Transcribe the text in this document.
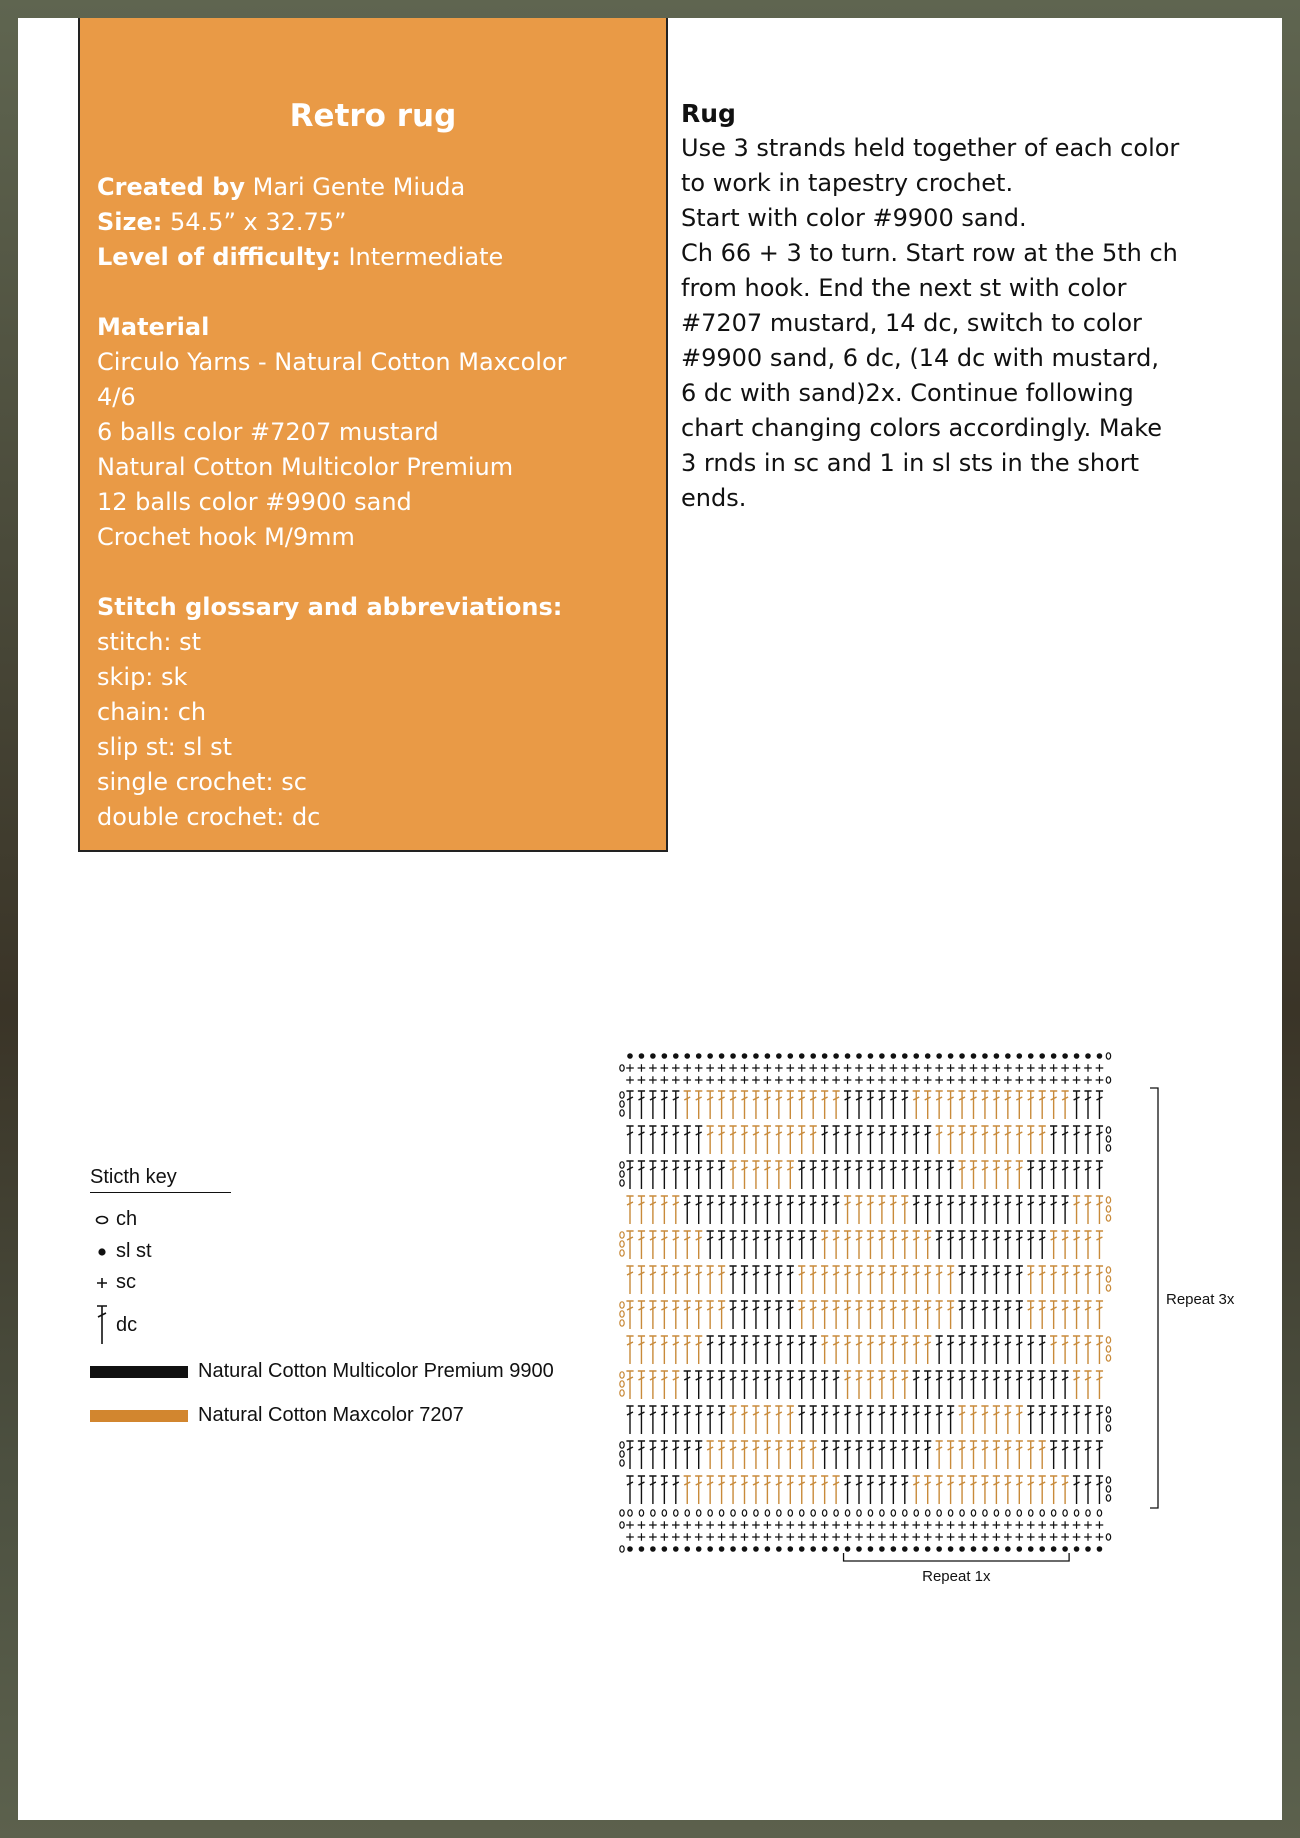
Retro rug
Created by Mari Gente Miuda
Size: 54.5” x 32.75”
Level of difficulty: Intermediate
Material
Circulo Yarns - Natural Cotton Maxcolor
4/6
6 balls color #7207 mustard
Natural Cotton Multicolor Premium
12 balls color #9900 sand
Crochet hook M/9mm
Stitch glossary and abbreviations:
stitch: st
skip: sk
chain: ch
slip st: sl st
single crochet: sc
double crochet: dc

Rug

Use 3 strands held together of each color

to work in tapestry crochet.

Start with color #9900 sand.

Ch 66 + 3 to turn. Start row at the 5th ch

from hook. End the next st with color

#7207 mustard, 14 dc, switch to color

#9900 sand, 6 dc, (14 dc with mustard,

6 dc with sand)2x. Continue following

chart changing colors accordingly. Make

3 rnds in sc and 1 in sl sts in the short

ends.

Sticth key
ch
sl st
sc
dc
Natural Cotton Multicolor Premium 9900
Natural Cotton Maxcolor 7207
Repeat 3x
Repeat 1x
